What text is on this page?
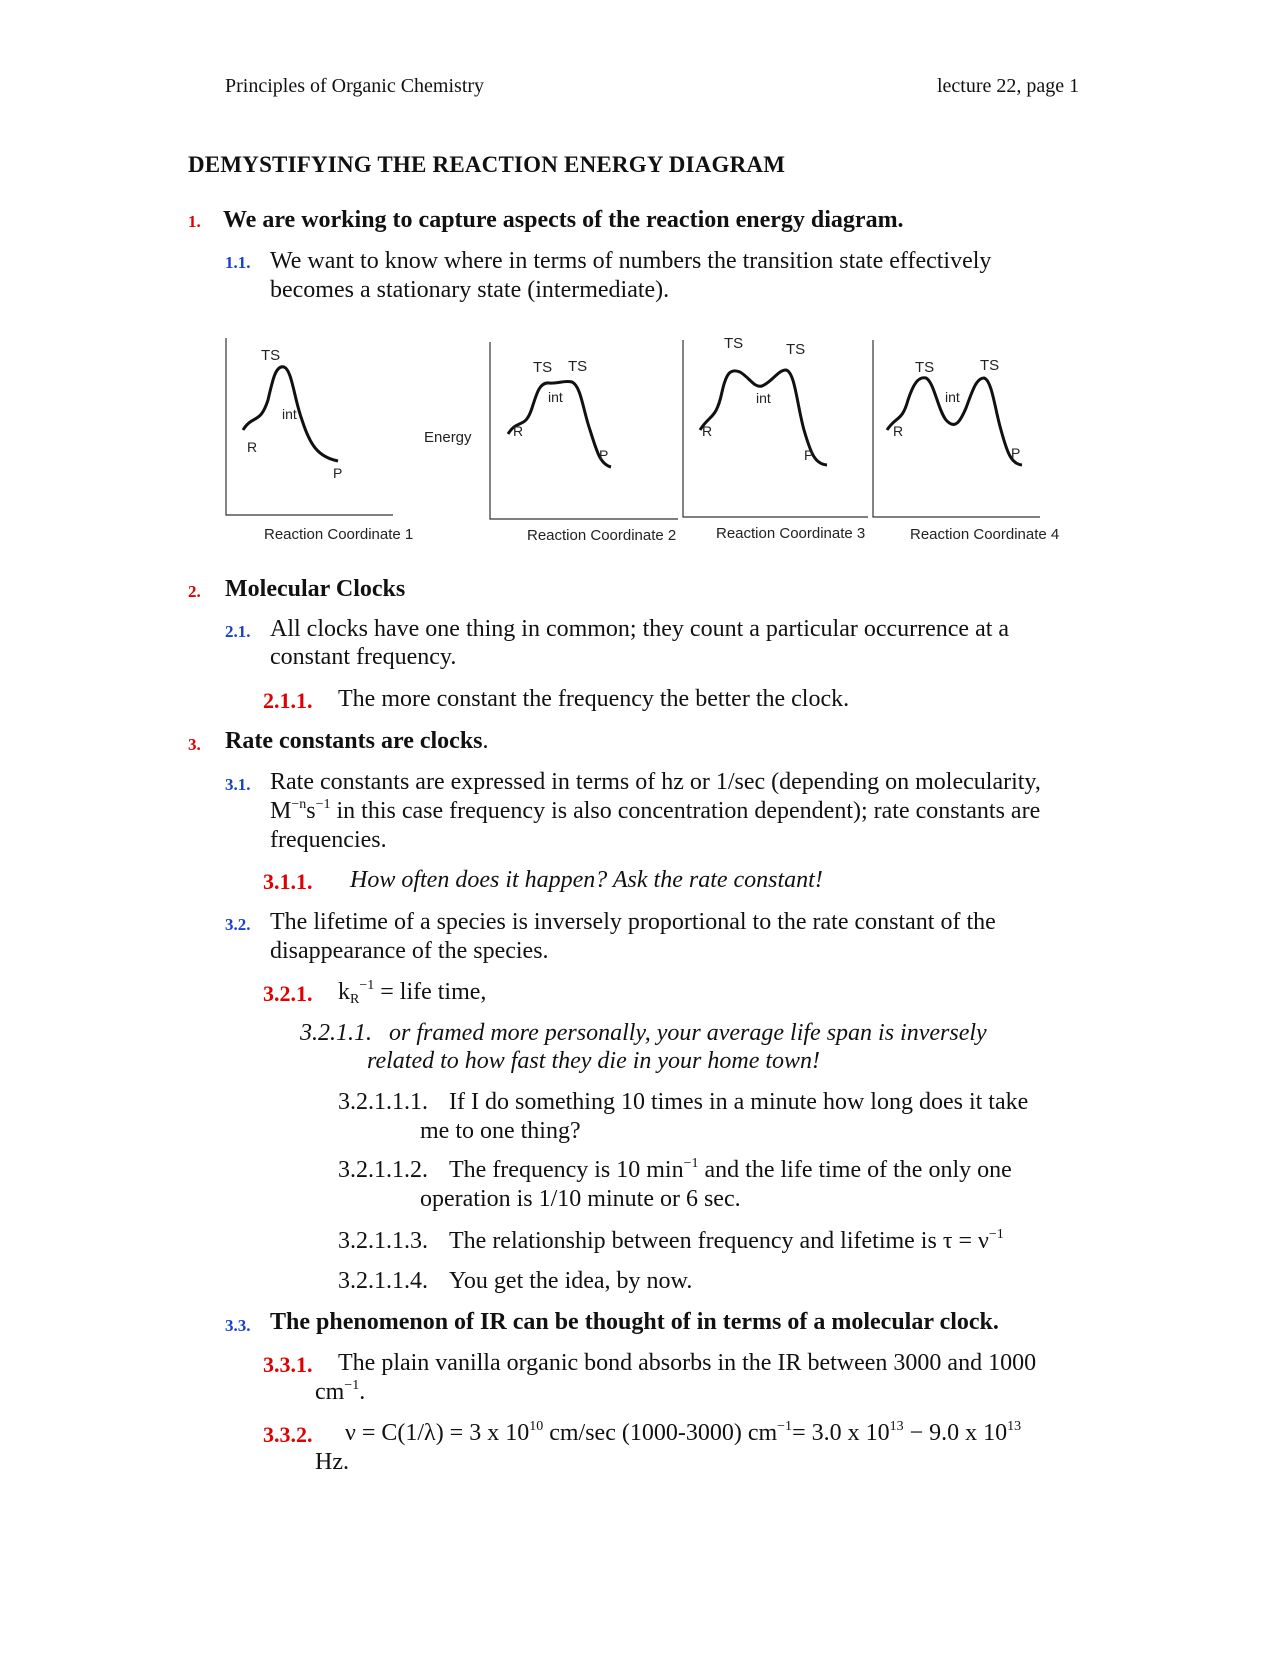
Principles of Organic Chemistry	lecture 22, page 1
DEMYSTIFYING THE REACTION ENERGY DIAGRAM
1. We are working to capture aspects of the reaction energy diagram.
1.1. We want to know where in terms of numbers the transition state effectively
becomes a stationary state (intermediate).
TS
int
R
P
Reaction Coordinate 1
Energy
TS TS
int
R
P
Reaction Coordinate 2
TS	TS
int
R
P
Reaction Coordinate 3
TS	TS
int
R
P
Reaction Coordinate 4
2. Molecular Clocks
2.1. All clocks have one thing in common; they count a particular occurrence at a
constant frequency.
2.1.1. The more constant the frequency the better the clock.
3. Rate constants are clocks.
3.1. Rate constants are expressed in terms of hz or 1/sec (depending on molecularity,
$M^{-n}s^{-1}$ in this case frequency is also concentration dependent); rate constants are
frequencies.
3.1.1. How often does it happen? Ask the rate constant!
3.2. The lifetime of a species is inversely proportional to the rate constant of the
disappearance of the species.
3.2.1. $k_R^{-1}$ = life time,
3.2.1.1. or framed more personally, your average life span is inversely
related to how fast they die in your home town!
3.2.1.1.1. If I do something 10 times in a minute how long does it take
me to one thing?
3.2.1.1.2. The frequency is 10 $\min^{-1}$ and the life time of the only one
operation is 1/10 minute or 6 sec.
3.2.1.1.3. The relationship between frequency and lifetime is $\tau = \nu^{-1}$
3.2.1.1.4. You get the idea, by now.
3.3. The phenomenon of IR can be thought of in terms of a molecular clock.
3.3.1. The plain vanilla organic bond absorbs in the IR between 3000 and 1000
$cm^{-1}$.
3.3.2. ν = C(1/λ) = 3 x $10^{10}$ cm/sec (1000-3000) $cm^{-1}= 3.0$ x $10^{13} - 9.0$ x $10^{13}$
Hz.
